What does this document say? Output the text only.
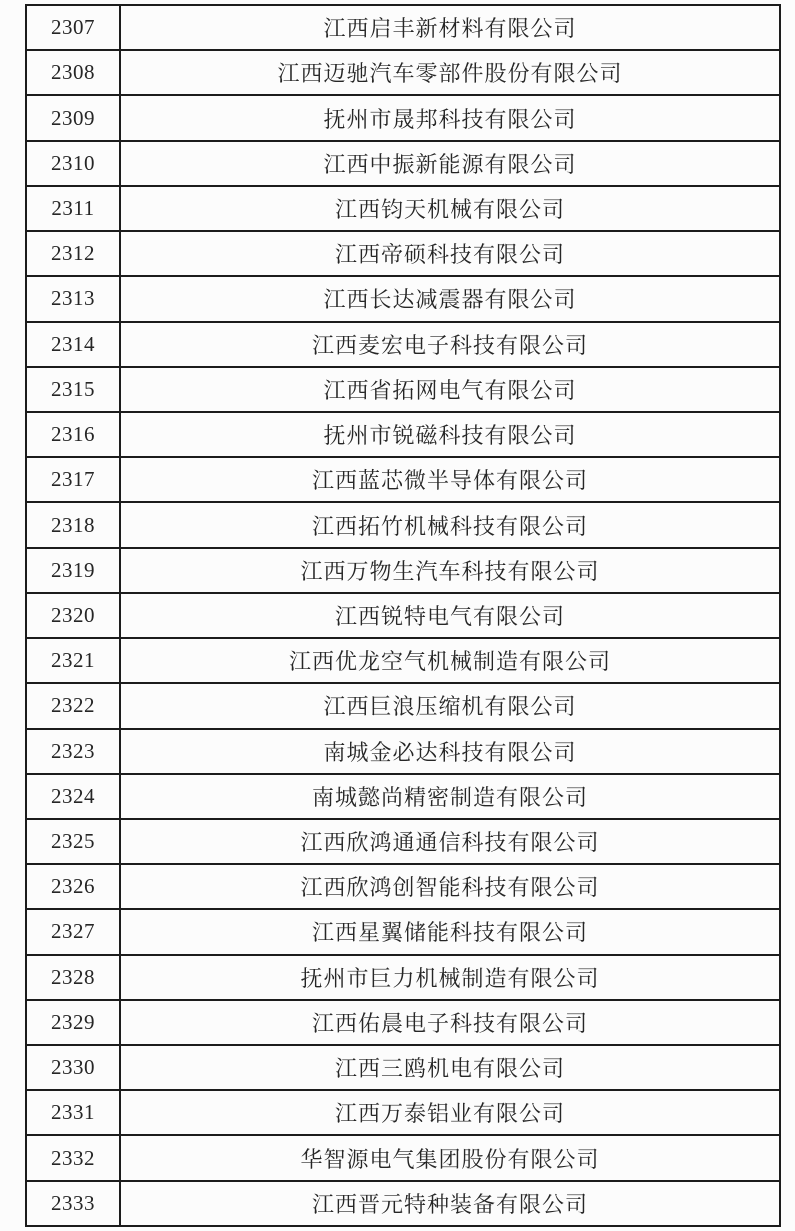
2307	江西启丰新材料有限公司
2308	江西迈驰汽车零部件股份有限公司
2309	抚州市晟邦科技有限公司
2310	江西中振新能源有限公司
2311	江西钧天机械有限公司
2312	江西帝硕科技有限公司
2313	江西长达减震器有限公司
2314	江西麦宏电子科技有限公司
2315	江西省拓网电气有限公司
2316	抚州市锐磁科技有限公司
2317	江西蓝芯微半导体有限公司
2318	江西拓竹机械科技有限公司
2319	江西万物生汽车科技有限公司
2320	江西锐特电气有限公司
2321	江西优龙空气机械制造有限公司
2322	江西巨浪压缩机有限公司
2323	南城金必达科技有限公司
2324	南城懿尚精密制造有限公司
2325	江西欣鸿通通信科技有限公司
2326	江西欣鸿创智能科技有限公司
2327	江西星翼储能科技有限公司
2328	抚州市巨力机械制造有限公司
2329	江西佑晨电子科技有限公司
2330	江西三鸥机电有限公司
2331	江西万泰铝业有限公司
2332	华智源电气集团股份有限公司
2333	江西晋元特种装备有限公司
